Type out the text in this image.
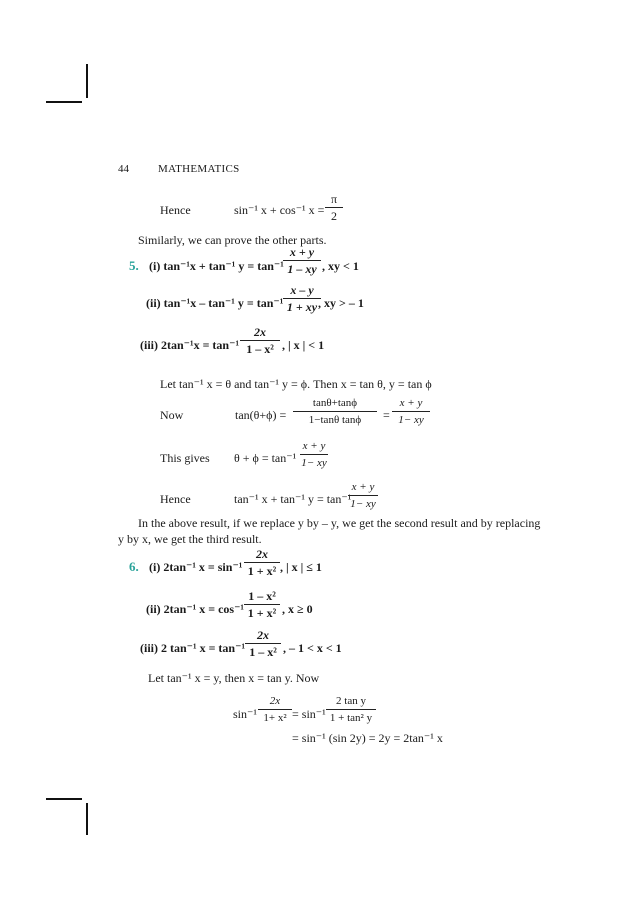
44	MATHEMATICS
Hence	sin⁻¹ x + cos⁻¹ x =
π
2
Similarly, we can prove the other parts.
5. (i) tan⁻¹x + tan⁻¹ y = tan⁻¹
x + y
1 – xy , xy < 1
(ii) tan⁻¹x – tan⁻¹ y = tan⁻¹
x – y
1 + xy , xy > – 1
(iii) 2tan⁻¹x = tan⁻¹
2x
1 – x² , | x | < 1
Let tan⁻¹ x = θ and tan⁻¹ y = ϕ. Then x = tan θ, y = tan ϕ
Now	tan(θ+ϕ) =
tanθ+tanϕ
1−tanθ tanϕ	=
x + y
1− xy
This gives θ + ϕ = tan⁻¹
x + y
1− xy
Hence	tan⁻¹ x + tan⁻¹ y = tan⁻¹
x + y
1− xy
In the above result, if we replace y by – y, we get the second result and by replacing
y by x, we get the third result.
6. (i) 2tan⁻¹ x = sin⁻¹
2x
1 + x² , | x | ≤ 1
(ii) 2tan⁻¹ x = cos⁻¹
1 – x²
1 + x² , x ≥ 0
(iii) 2 tan⁻¹ x = tan⁻¹
2x
1 – x² , – 1 < x < 1
Let tan⁻¹ x = y, then x = tan y. Now
sin⁻¹
2x
1+ x² = sin⁻¹
2 tan y
1 + tan² y
= sin⁻¹ (sin 2y) = 2y = 2tan⁻¹ x
